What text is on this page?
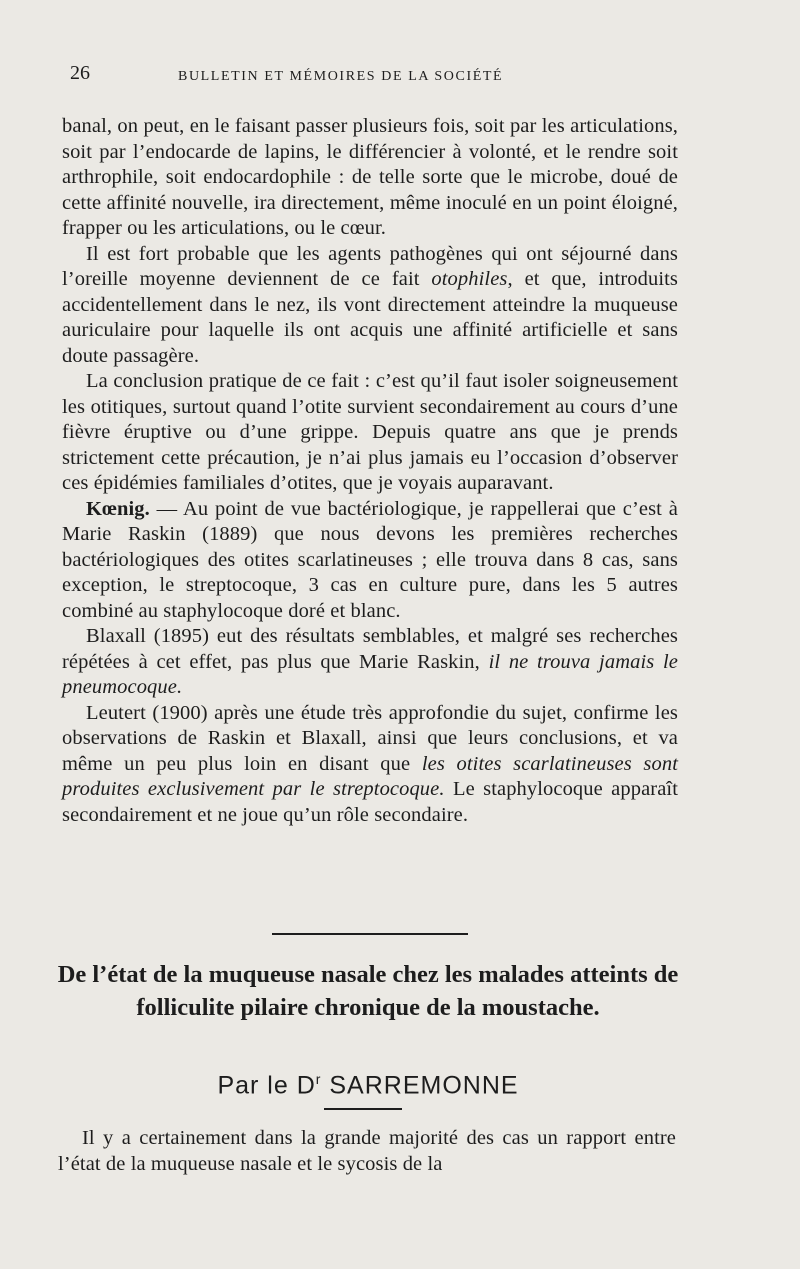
26	BULLETIN ET MÉMOIRES DE LA SOCIÉTÉ

banal, on peut, en le faisant passer plusieurs fois, soit par les articulations, soit par l’endocarde de lapins, le différencier à volonté, et le rendre soit arthrophile, soit endocardophile : de telle sorte que le microbe, doué de cette affinité nouvelle, ira directement, même inoculé en un point éloigné, frapper ou les articulations, ou le cœur.

Il est fort probable que les agents pathogènes qui ont séjourné dans l’oreille moyenne deviennent de ce fait otophiles, et que, introduits accidentellement dans le nez, ils vont directement atteindre la muqueuse auriculaire pour laquelle ils ont acquis une affinité artificielle et sans doute passagère.

La conclusion pratique de ce fait : c’est qu’il faut isoler soigneusement les otitiques, surtout quand l’otite survient secondairement au cours d’une fièvre éruptive ou d’une grippe. Depuis quatre ans que je prends strictement cette précaution, je n’ai plus jamais eu l’occasion d’observer ces épidémies familiales d’otites, que je voyais auparavant.

Kœnig. — Au point de vue bactériologique, je rappellerai que c’est à Marie Raskin (1889) que nous devons les premières recherches bactériologiques des otites scarlatineuses ; elle trouva dans 8 cas, sans exception, le streptocoque, 3 cas en culture pure, dans les 5 autres combiné au staphylocoque doré et blanc.

Blaxall (1895) eut des résultats semblables, et malgré ses recherches répétées à cet effet, pas plus que Marie Raskin, il ne trouva jamais le pneumocoque.

Leutert (1900) après une étude très approfondie du sujet, confirme les observations de Raskin et Blaxall, ainsi que leurs conclusions, et va même un peu plus loin en disant que les otites scarlatineuses sont produites exclusivement par le streptocoque. Le staphylocoque apparaît secondairement et ne joue qu’un rôle secondaire.

De l’état de la muqueuse nasale chez les malades atteints de folliculite pilaire chronique de la moustache.
Par le $D^r$ SARREMONNE

Il y a certainement dans la grande majorité des cas un rapport entre l’état de la muqueuse nasale et le sycosis de la
